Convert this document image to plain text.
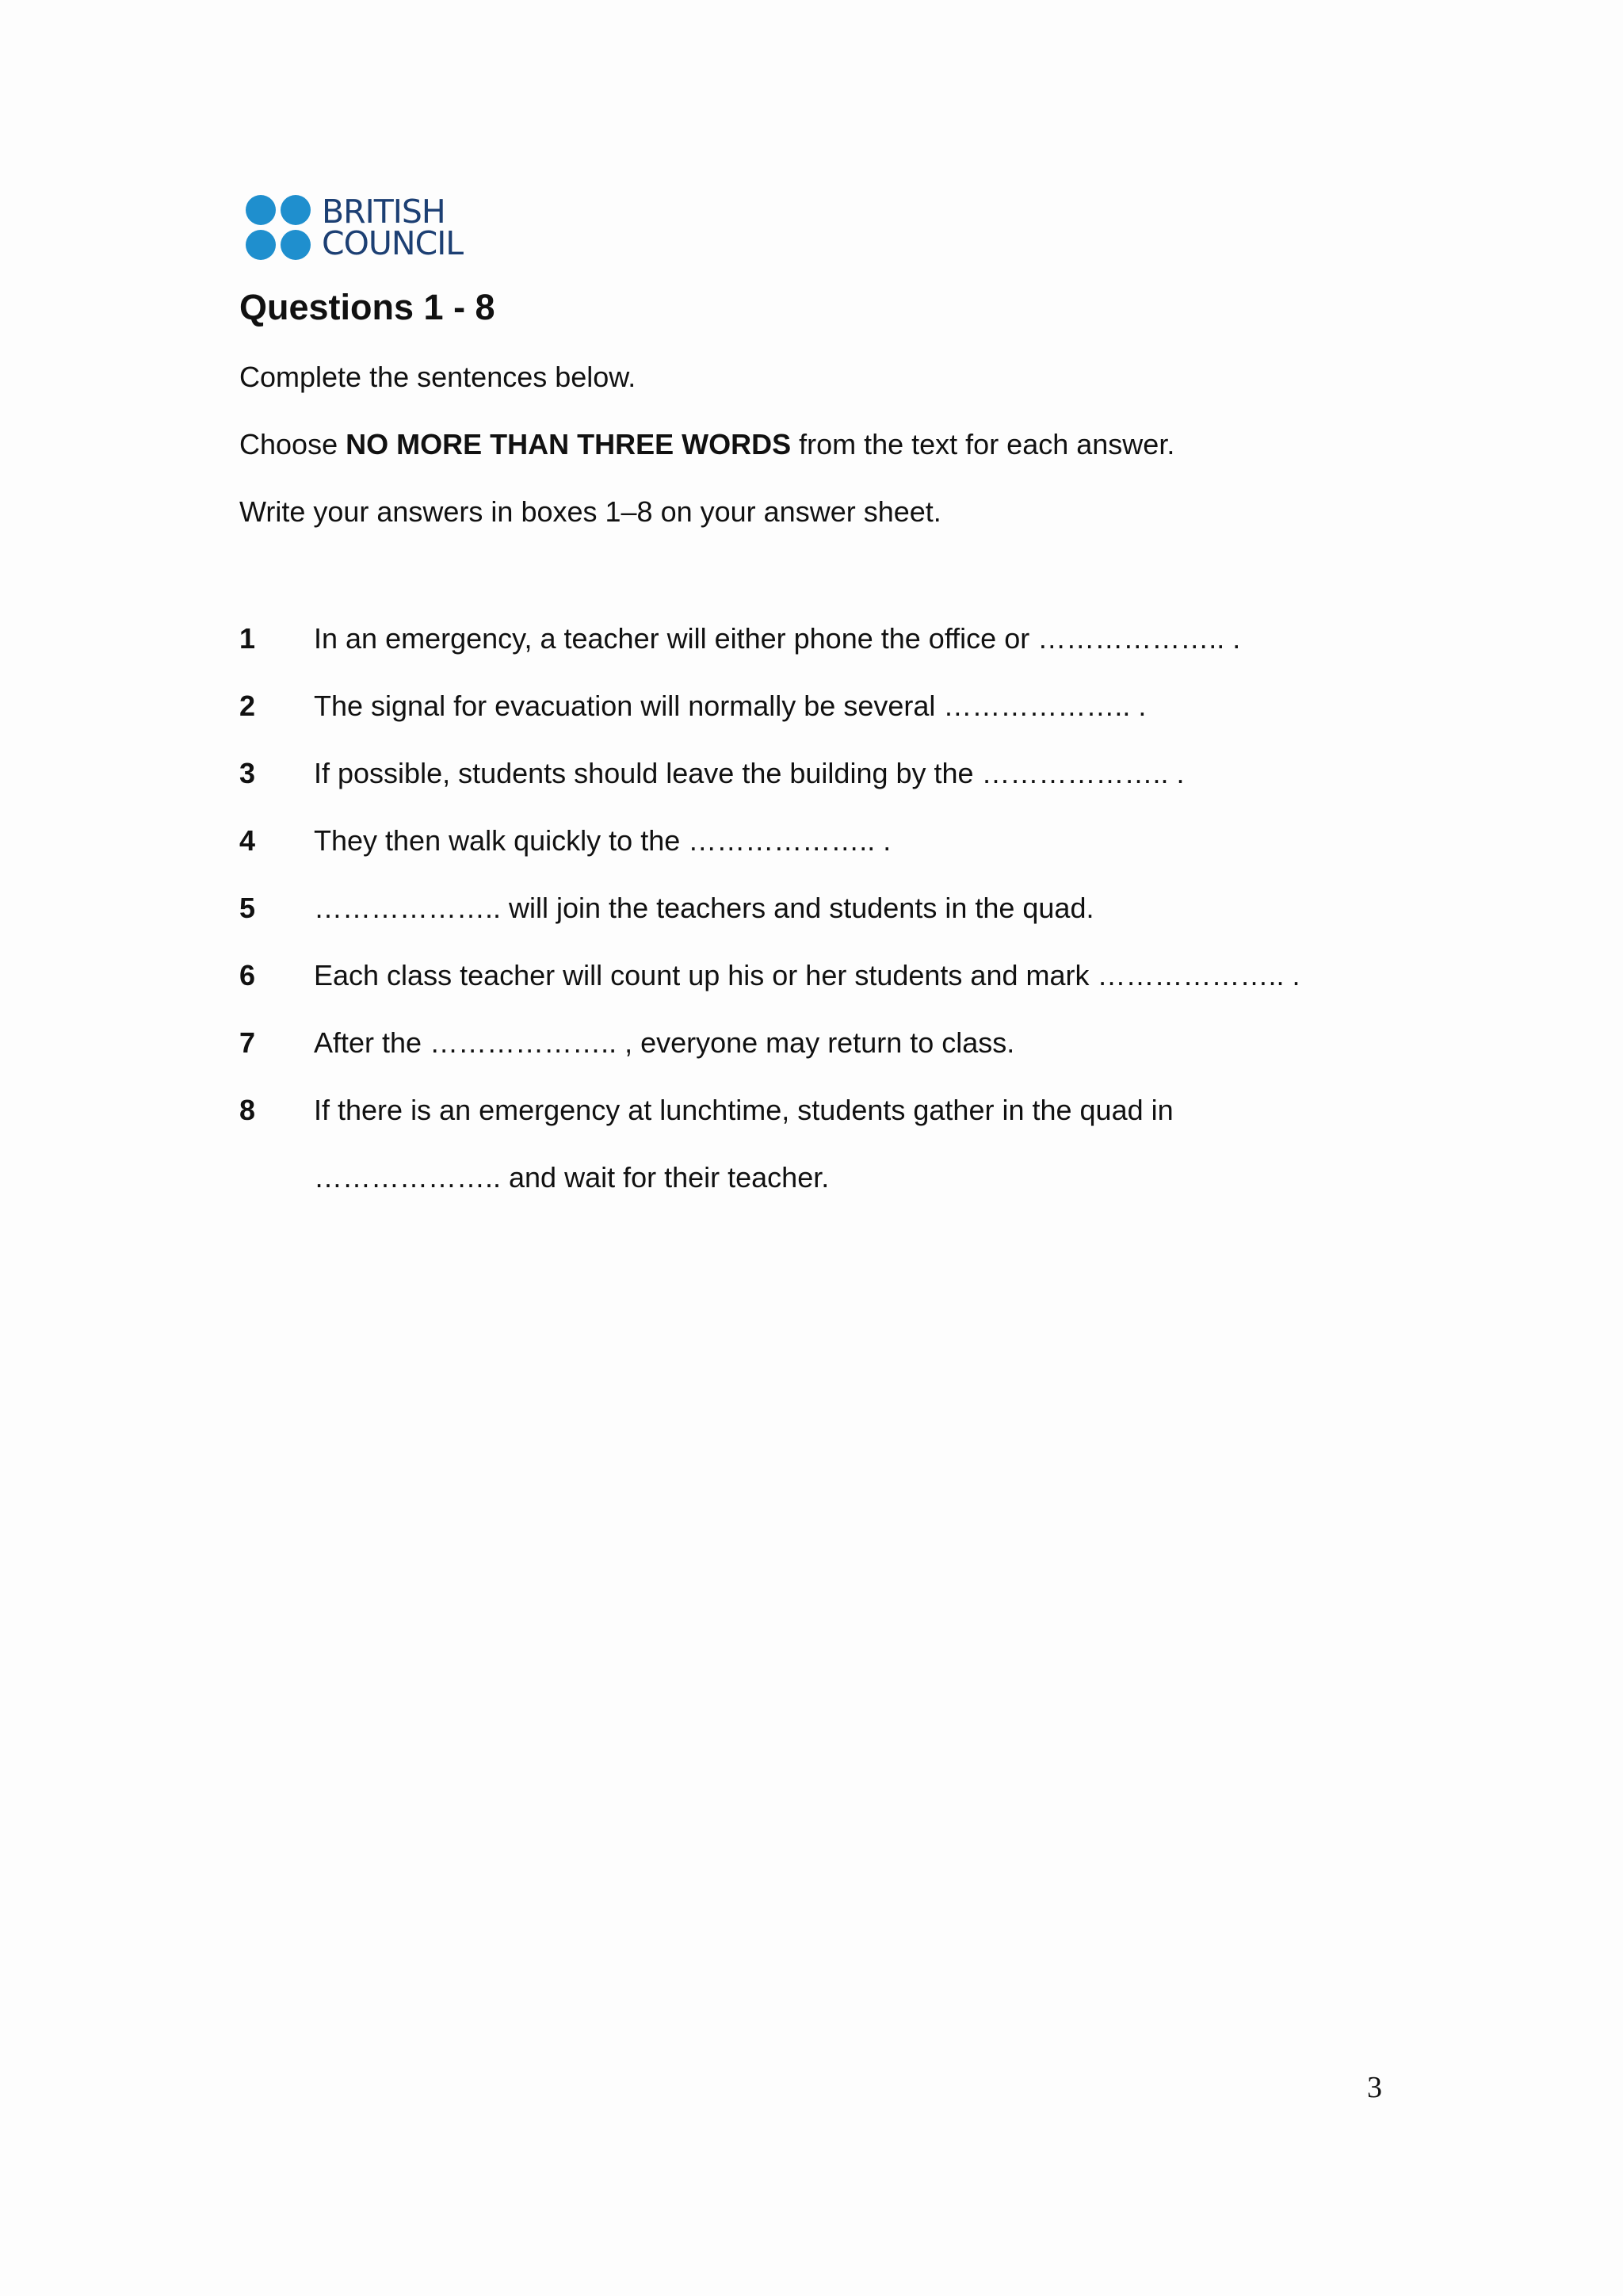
BRITISH
COUNCIL
Questions 1 - 8

Complete the sentences below.

Choose NO MORE THAN THREE WORDS from the text for each answer.

Write your answers in boxes 1–8 on your answer sheet.

1 In an emergency, a teacher will either phone the office or ……………….. .
2 The signal for evacuation will normally be several ……………….. .
3 If possible, students should leave the building by the ……………….. .
4 They then walk quickly to the ……………….. .
5 ……………….. will join the teachers and students in the quad.
6 Each class teacher will count up his or her students and mark ……………….. .
7 After the ……………….. , everyone may return to class.
8 If there is an emergency at lunchtime, students gather in the quad in
……………….. and wait for their teacher.
3
